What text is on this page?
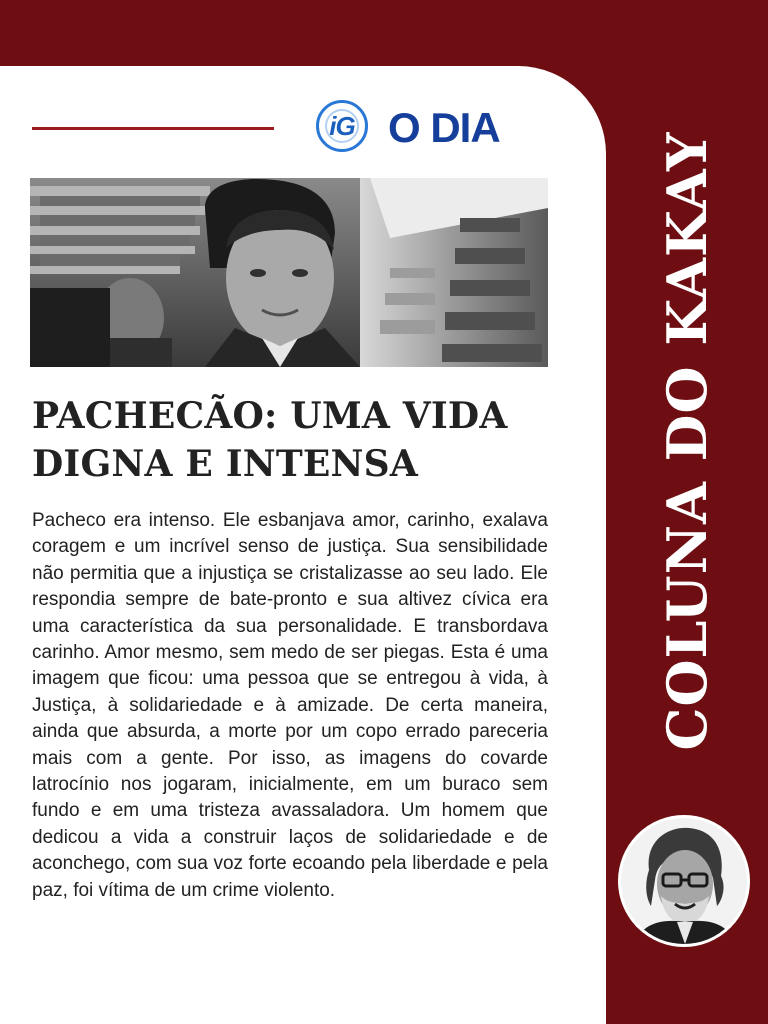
iG O DIA
PACHECÃO: UMA VIDA DIGNA E INTENSA

Pacheco era intenso. Ele esbanjava amor, carinho, exalava coragem e um incrível senso de justiça. Sua sensibilidade não permitia que a injustiça se cristalizasse ao seu lado. Ele respondia sempre de bate-pronto e sua altivez cívica era uma característica da sua personalidade. E transbordava carinho. Amor mesmo, sem medo de ser piegas. Esta é uma imagem que ficou: uma pessoa que se entregou à vida, à Justiça, à solidariedade e à amizade. De certa maneira, ainda que absurda, a morte por um copo errado pareceria mais com a gente. Por isso, as imagens do covarde latrocínio nos jogaram, inicialmente, em um buraco sem fundo e em uma tristeza avassaladora. Um homem que dedicou a vida a construir laços de solidariedade e de aconchego, com sua voz forte ecoando pela liberdade e pela paz, foi vítima de um crime violento.

COLUNA DO KAKAY
